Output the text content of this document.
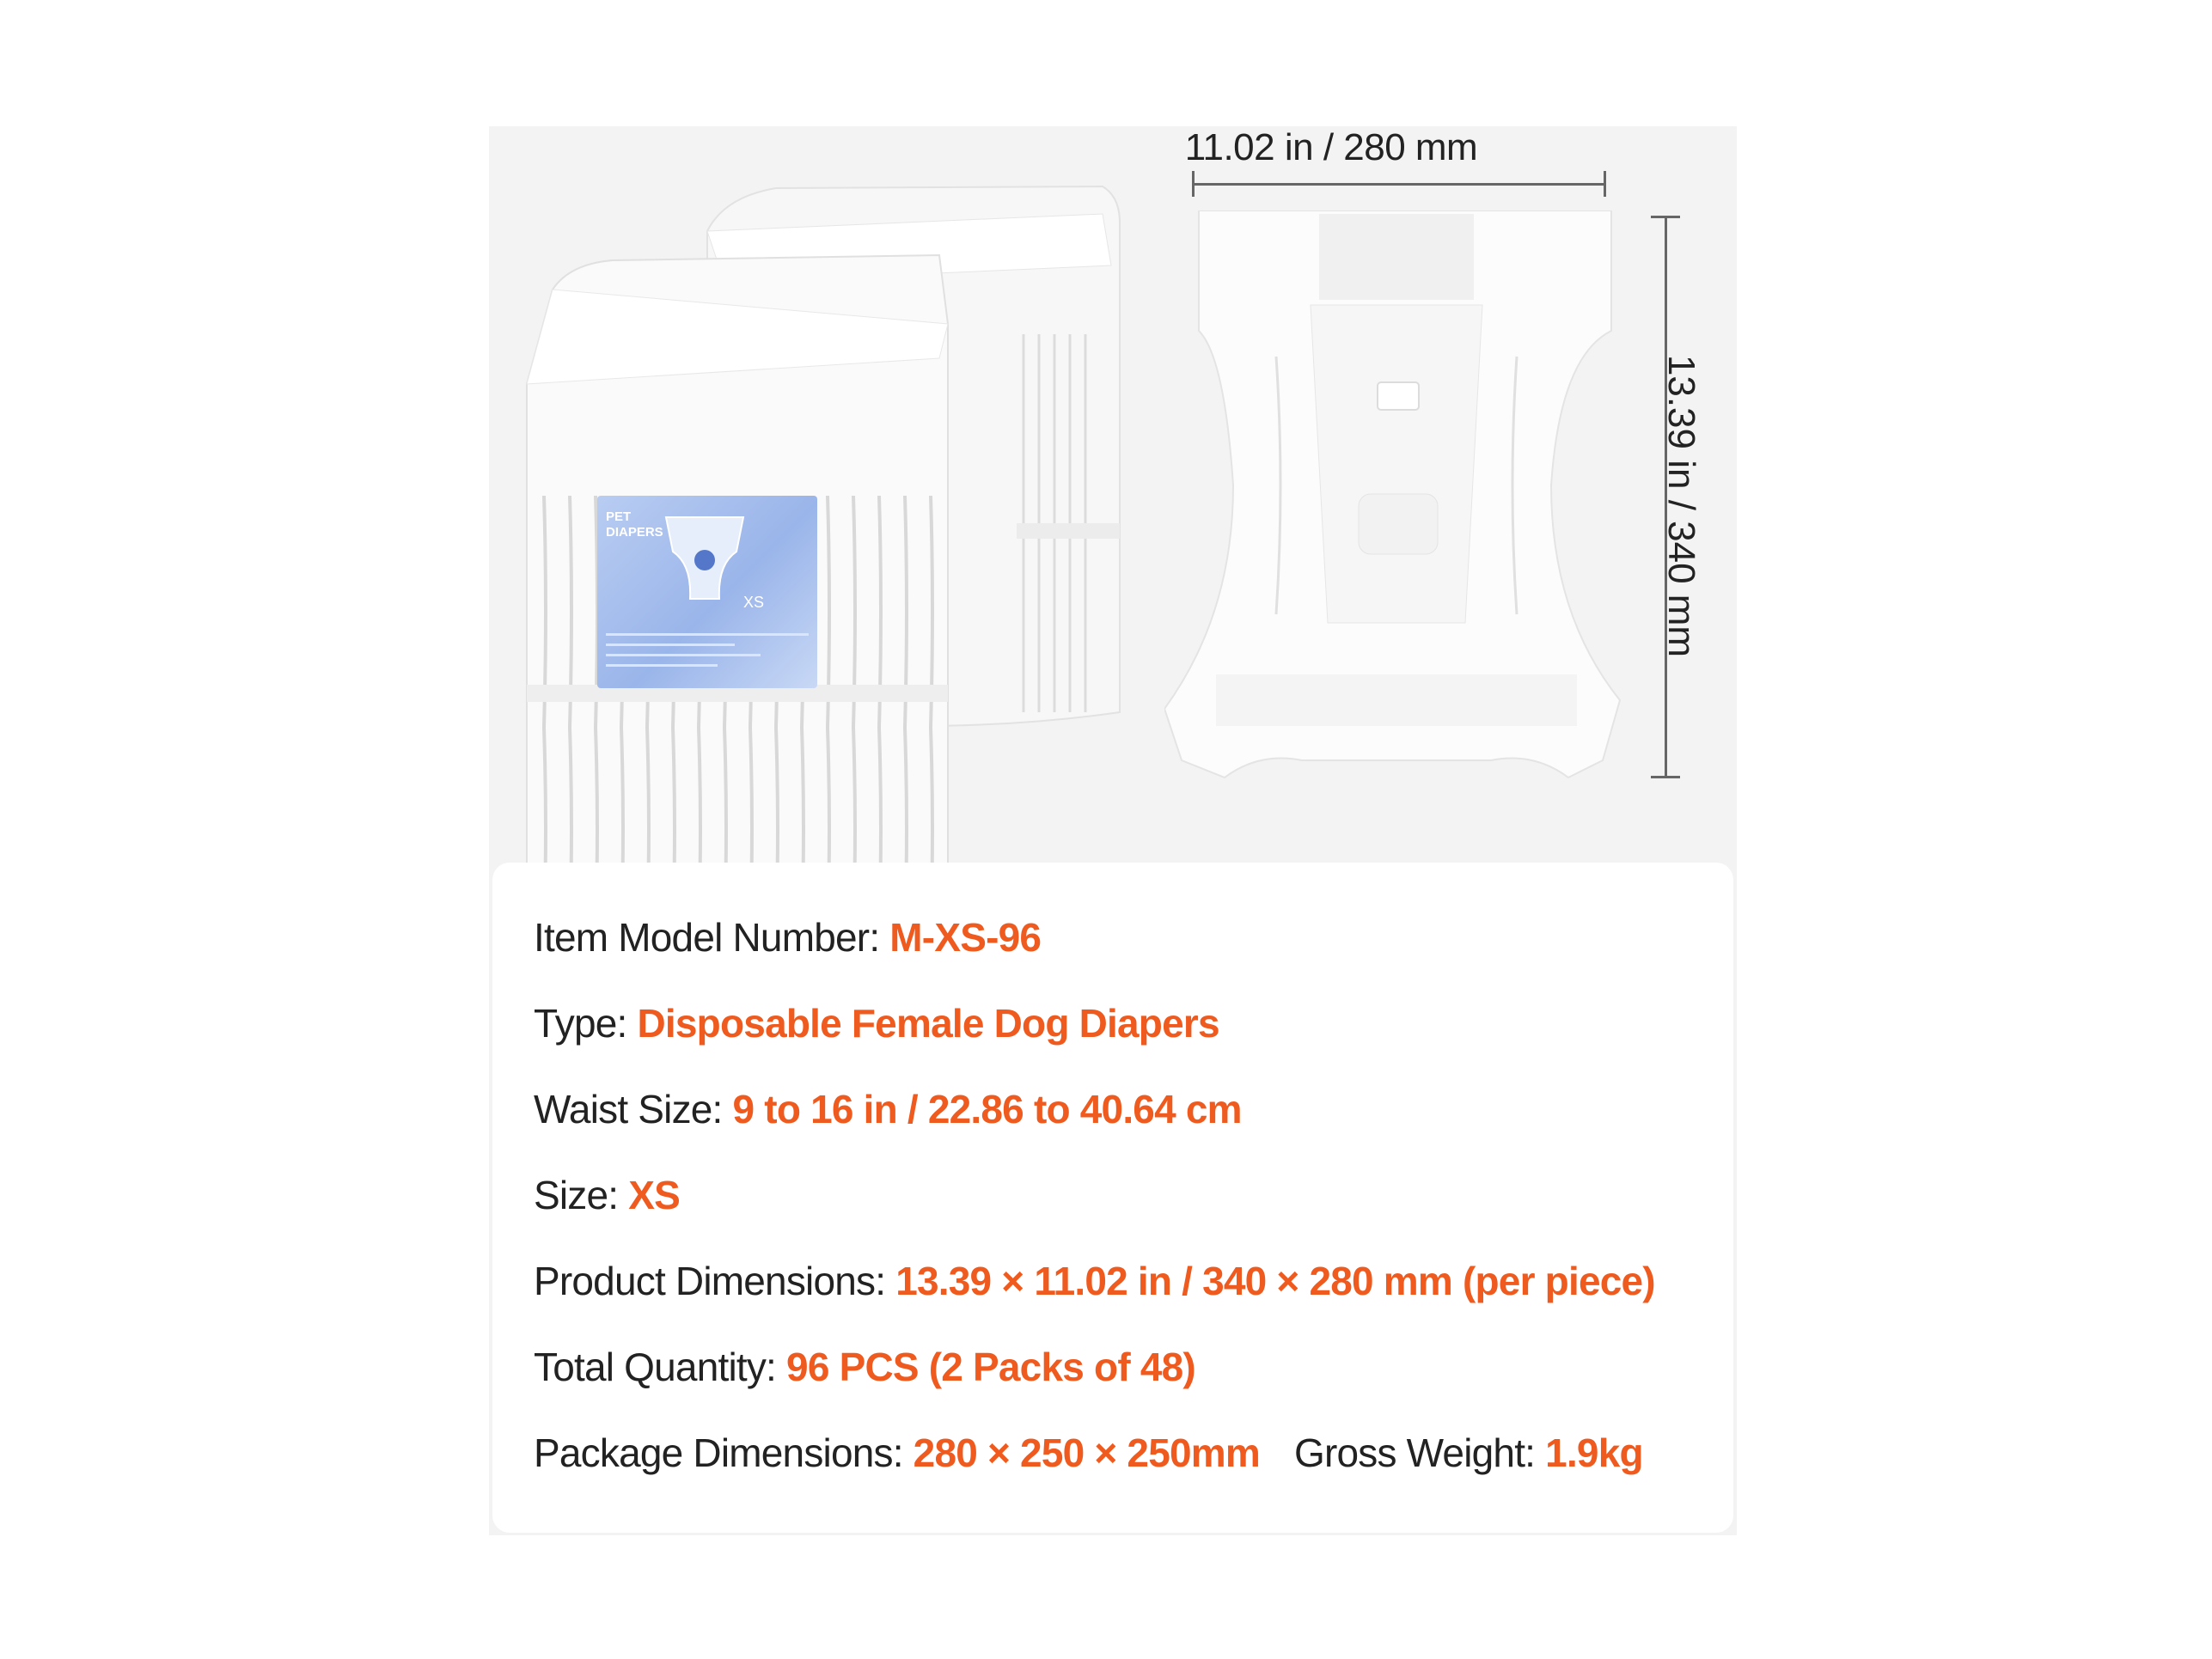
PET
DIAPERS
XS
11.02 in / 280 mm
13.39 in / 340 mm
Item Model Number: M-XS-96
Type: Disposable Female Dog Diapers
Waist Size: 9 to 16 in / 22.86 to 40.64 cm
Size: XS
Product Dimensions: 13.39 × 11.02 in / 340 × 280 mm (per piece)
Total Quantity: 96 PCS (2 Packs of 48)
Package Dimensions: 280 × 250 × 250mm Gross Weight: 1.9kg
